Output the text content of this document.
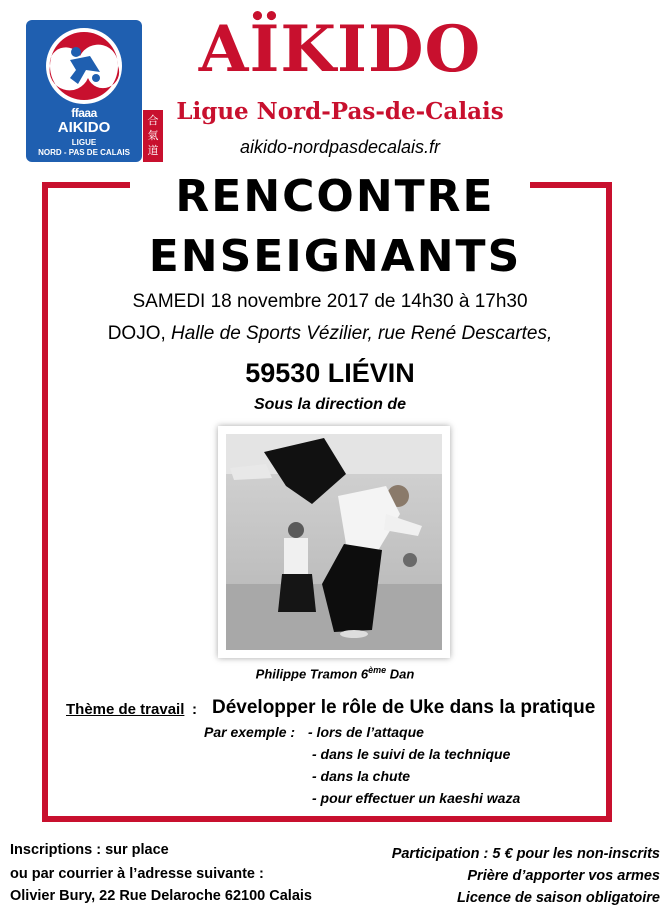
ffaaa
AIKIDO
LIGUE
NORD - PAS DE CALAIS
合
氣
道
AÏKIDO
Ligue Nord-Pas-de-Calais
aikido-nordpasdecalais.fr
RENCONTRE
ENSEIGNANTS
SAMEDI 18 novembre 2017 de 14h30 à 17h30
DOJO, Halle de Sports Vézilier, rue René Descartes,
59530 LIÉVIN
Sous la direction de
Philippe Tramon 6ème Dan
Thème de travail : Développer le rôle de Uke dans la pratique
Par exemple : - lors de l’attaque
- dans le suivi de la technique
- dans la chute
- pour effectuer un kaeshi waza
Inscriptions : sur place
ou par courrier à l’adresse suivante :
Olivier Bury, 22 Rue Delaroche 62100 Calais
Participation : 5 € pour les non-inscrits
Prière d’apporter vos armes
Licence de saison obligatoire
